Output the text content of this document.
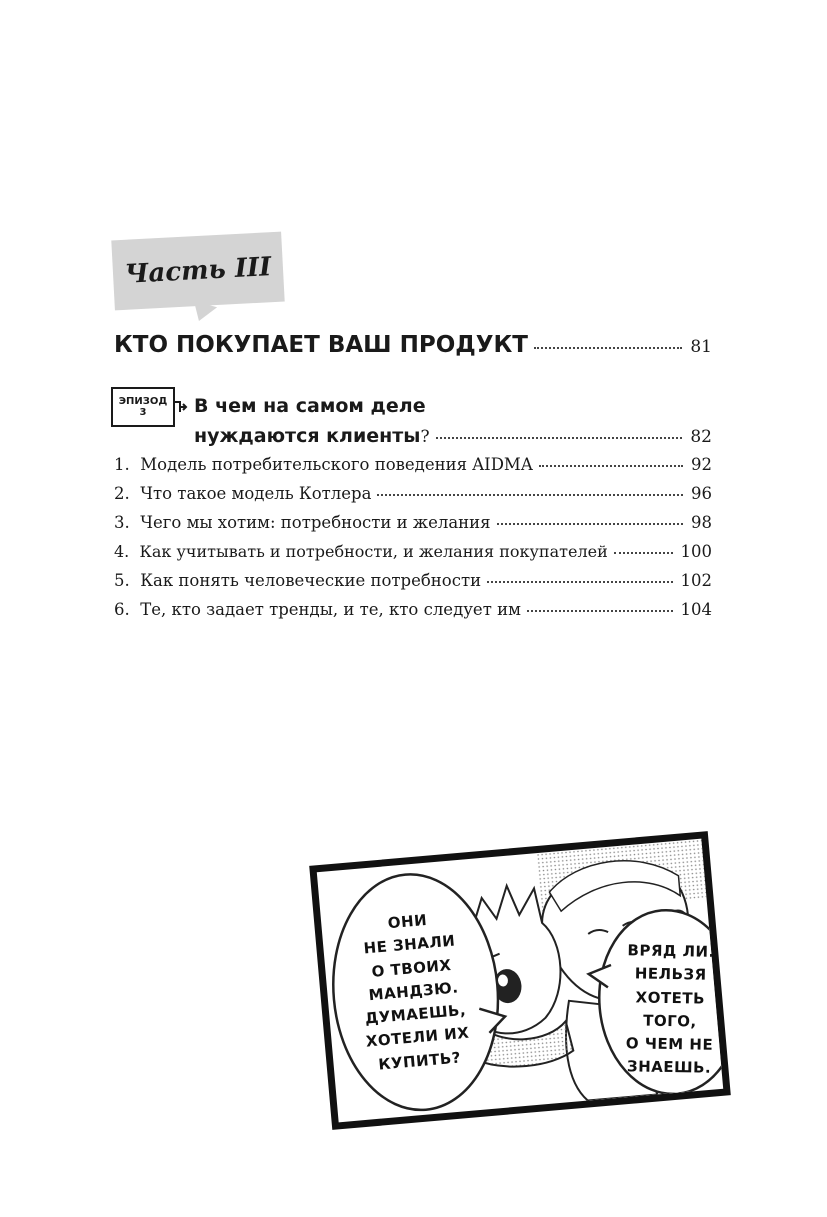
Часть III
КТО ПОКУПАЕТ ВАШ ПРОДУКТ	81
ЭПИЗОД
3	В чем на самом деле
нуждаются клиенты?	82
1. Модель потребительского поведения AIDMA	92
2. Что такое модель Котлера	96
3. Чего мы хотим: потребности и желания	98
4. Как учитывать и потребности, и желания покупателей	100
5. Как понять человеческие потребности	102
6. Те, кто задает тренды, и те, кто следует им	104
ОНИ
НЕ ЗНАЛИ
О ТВОИХ
МАНДЗЮ.
ДУМАЕШЬ,
ХОТЕЛИ ИХ
КУПИТЬ?
ВРЯД ЛИ.
НЕЛЬЗЯ
ХОТЕТЬ
ТОГО,
О ЧЕМ НЕ
ЗНАЕШЬ.
